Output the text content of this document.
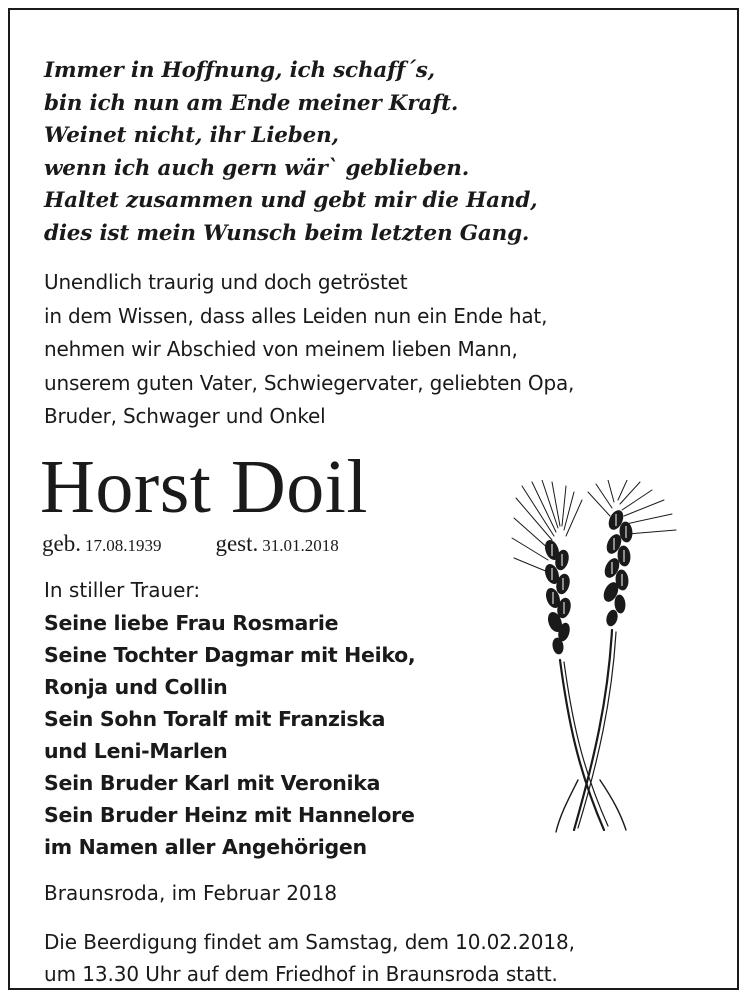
Immer in Hoffnung, ich schaff´s,
bin ich nun am Ende meiner Kraft.
Weinet nicht, ihr Lieben,
wenn ich auch gern wär` geblieben.
Haltet zusammen und gebt mir die Hand,
dies ist mein Wunsch beim letzten Gang.
Unendlich traurig und doch getröstet
in dem Wissen, dass alles Leiden nun ein Ende hat,
nehmen wir Abschied von meinem lieben Mann,
unserem guten Vater, Schwiegervater, geliebten Opa,
Bruder, Schwager und Onkel
Horst Doil
geb. 17.08.1939 gest. 31.01.2018
In stiller Trauer:
Seine liebe Frau Rosmarie
Seine Tochter Dagmar mit Heiko,
Ronja und Collin
Sein Sohn Toralf mit Franziska
und Leni-Marlen
Sein Bruder Karl mit Veronika
Sein Bruder Heinz mit Hannelore
im Namen aller Angehörigen
Braunsroda, im Februar 2018
Die Beerdigung findet am Samstag, dem 10.02.2018,
um 13.30 Uhr auf dem Friedhof in Braunsroda statt.
